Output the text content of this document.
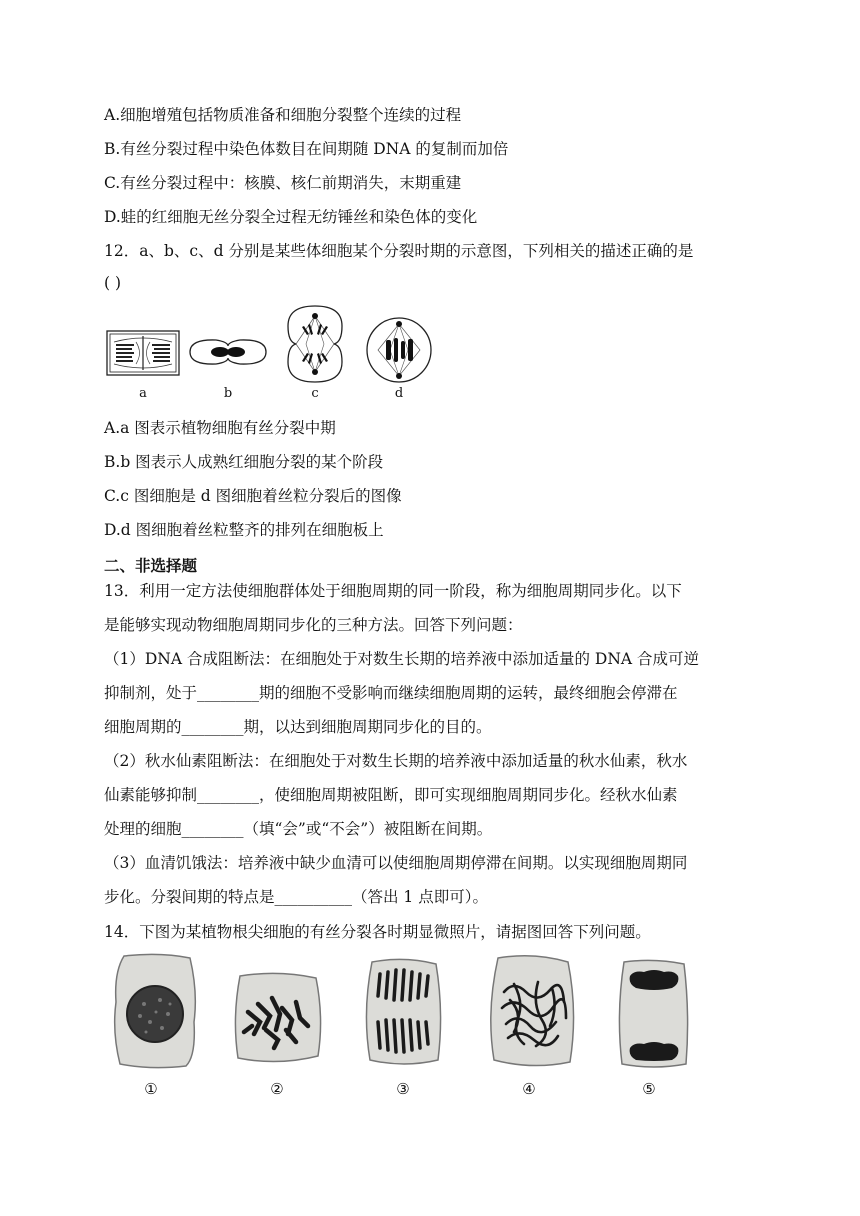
A.细胞增殖包括物质准备和细胞分裂整个连续的过程
B.有丝分裂过程中染色体数目在间期随 DNA 的复制而加倍
C.有丝分裂过程中：核膜、核仁前期消失，末期重建
D.蛙的红细胞无丝分裂全过程无纺锤丝和染色体的变化
12．a、b、c、d 分别是某些体细胞某个分裂时期的示意图，下列相关的描述正确的是
( )
a	b	c	d
A.a 图表示植物细胞有丝分裂中期
B.b 图表示人成熟红细胞分裂的某个阶段
C.c 图细胞是 d 图细胞着丝粒分裂后的图像
D.d 图细胞着丝粒整齐的排列在细胞板上
二、非选择题
13．利用一定方法使细胞群体处于细胞周期的同一阶段，称为细胞周期同步化。以下
是能够实现动物细胞周期同步化的三种方法。回答下列问题：
（1）DNA 合成阻断法：在细胞处于对数生长期的培养液中添加适量的 DNA 合成可逆
抑制剂，处于________期的细胞不受影响而继续细胞周期的运转，最终细胞会停滞在
细胞周期的________期，以达到细胞周期同步化的目的。
（2）秋水仙素阻断法：在细胞处于对数生长期的培养液中添加适量的秋水仙素，秋水
仙素能够抑制________，使细胞周期被阻断，即可实现细胞周期同步化。经秋水仙素
处理的细胞________（填“会”或“不会”）被阻断在间期。
（3）血清饥饿法：培养液中缺少血清可以使细胞周期停滞在间期。以实现细胞周期同
步化。分裂间期的特点是__________（答出 1 点即可）。
14．下图为某植物根尖细胞的有丝分裂各时期显微照片，请据图回答下列问题。
①	②	③	④	⑤
